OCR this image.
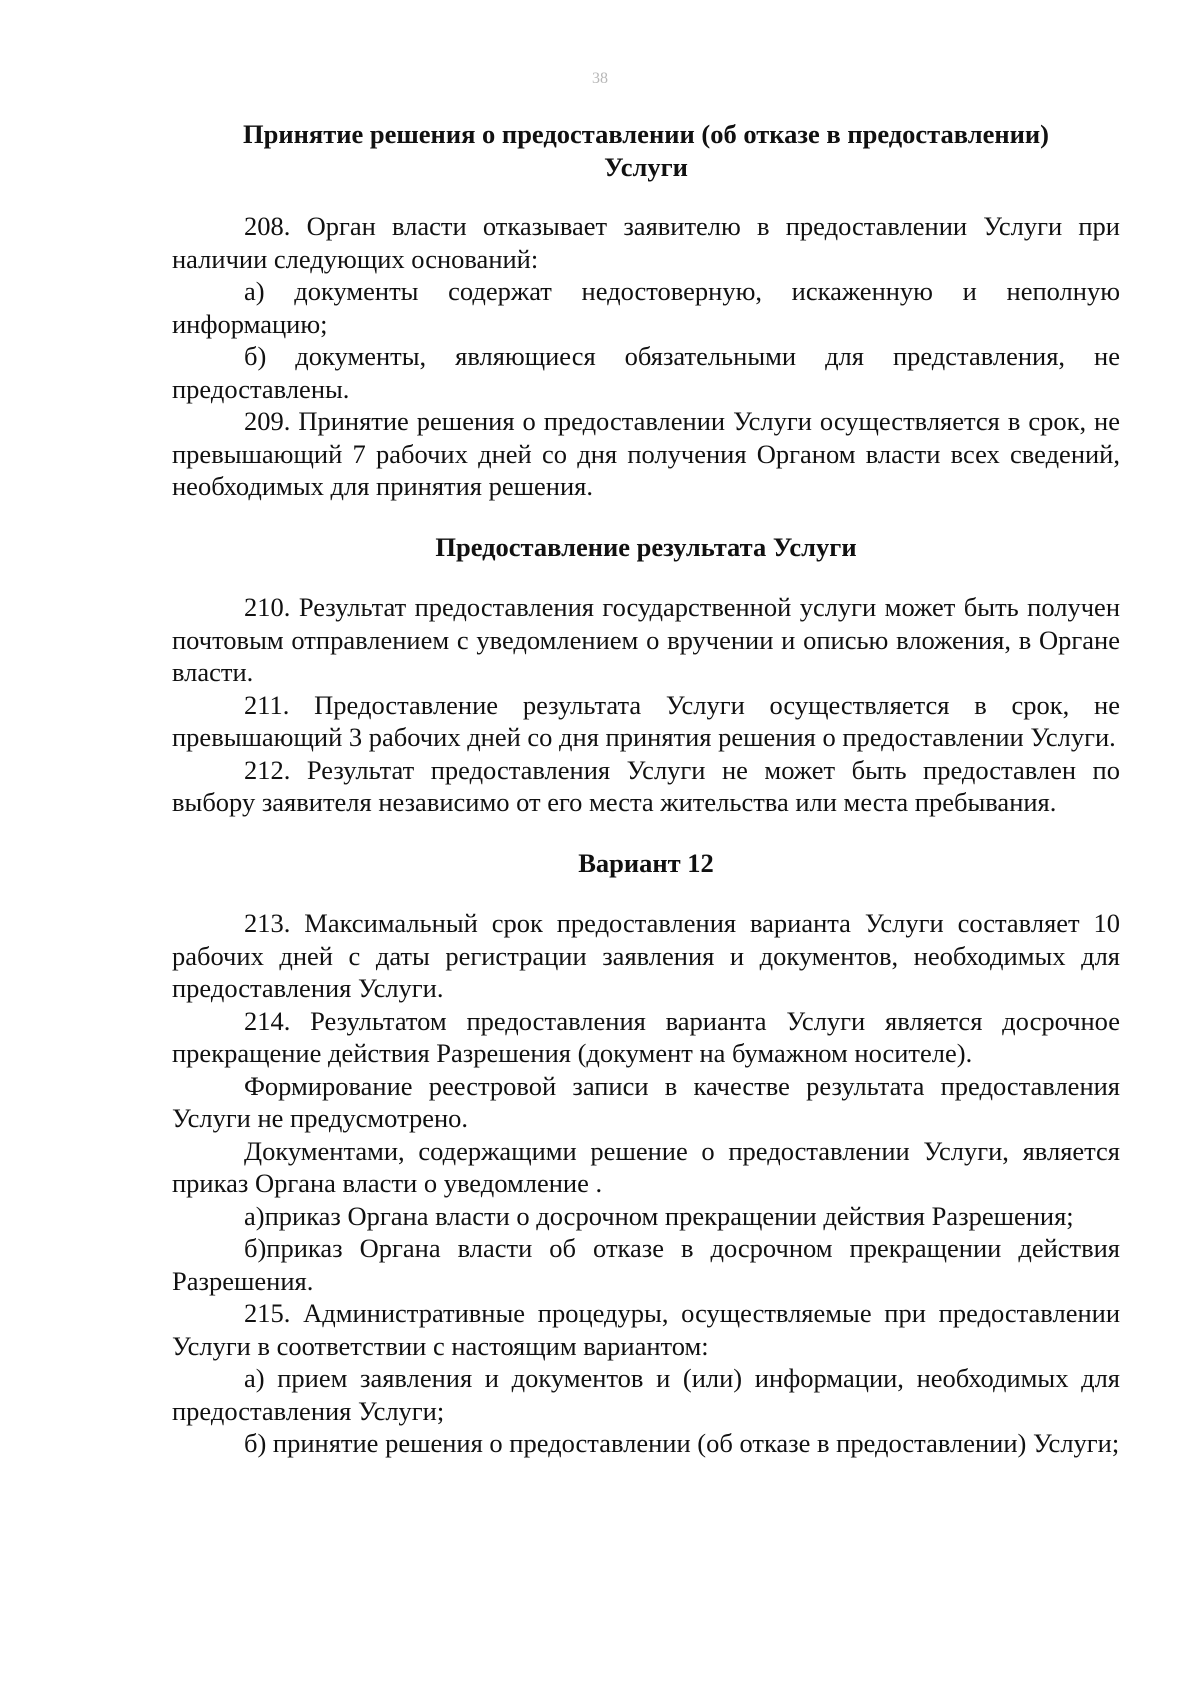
38
Принятие решения о предоставлении (об отказе в предоставлении)
Услуги

208. Орган власти отказывает заявителю в предоставлении Услуги при наличии следующих оснований:

а) документы содержат недостоверную, искаженную и неполную информацию;

б) документы, являющиеся обязательными для представления, не предоставлены.

209. Принятие решения о предоставлении Услуги осуществляется в срок, не превышающий 7 рабочих дней со дня получения Органом власти всех сведений, необходимых для принятия решения.

Предоставление результата Услуги

210. Результат предоставления государственной услуги может быть получен почтовым отправлением с уведомлением о вручении и описью вложения, в Органе власти.

211. Предоставление результата Услуги осуществляется в срок, не превышающий 3 рабочих дней со дня принятия решения о предоставлении Услуги.

212. Результат предоставления Услуги не может быть предоставлен по выбору заявителя независимо от его места жительства или места пребывания.

Вариант 12

213. Максимальный срок предоставления варианта Услуги составляет 10 рабочих дней с даты регистрации заявления и документов, необходимых для предоставления Услуги.

214. Результатом предоставления варианта Услуги является досрочное прекращение действия Разрешения (документ на бумажном носителе).

Формирование реестровой записи в качестве результата предоставления Услуги не предусмотрено.

Документами, содержащими решение о предоставлении Услуги, является приказ Органа власти о уведомление .

а)приказ Органа власти о досрочном прекращении действия Разрешения;

б)приказ Органа власти об отказе в досрочном прекращении действия Разрешения.

215. Административные процедуры, осуществляемые при предоставлении Услуги в соответствии с настоящим вариантом:

а) прием заявления и документов и (или) информации, необходимых для предоставления Услуги;

б) принятие решения о предоставлении (об отказе в предоставлении) Услуги;
